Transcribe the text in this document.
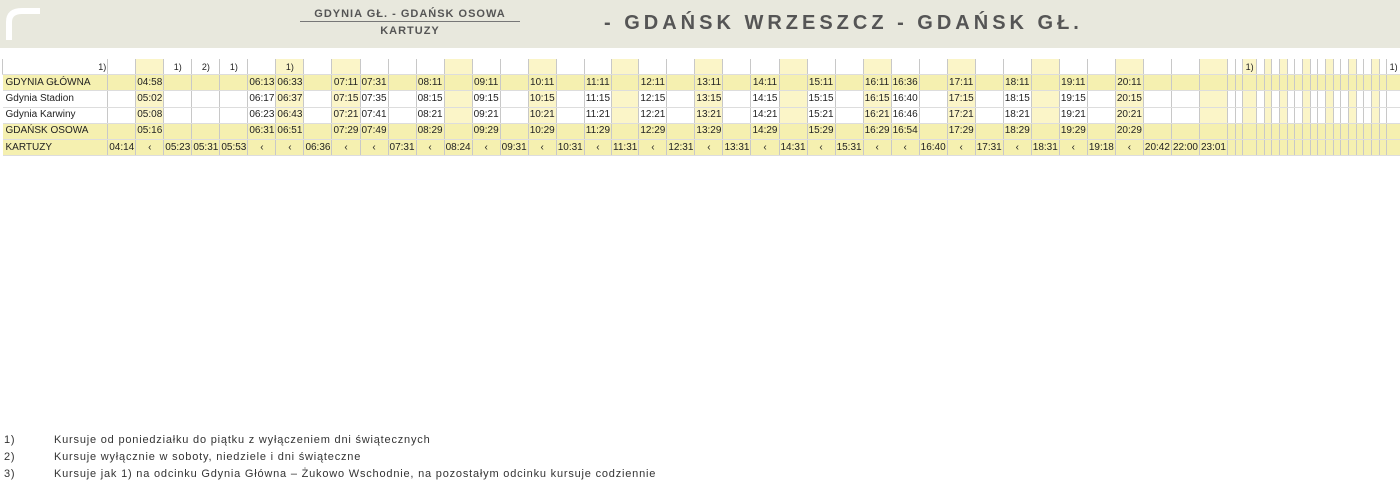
GDYNIA GŁ. - GDAŃSK OSOWA
KARTUZY	- GDAŃSK WRZESZCZ - GDAŃSK GŁ.
1)			1)	2)	1)		1)																																				1)																		1)
GDYNIA GŁÓWNA		04:58				06:13	06:33		07:11	07:31		08:11		09:11		10:11		11:11		12:11		13:11		14:11		15:11		16:11	16:36		17:11		18:11		19:11		20:11																								
Gdynia Stadion		05:02				06:17	06:37		07:15	07:35		08:15		09:15		10:15		11:15		12:15		13:15		14:15		15:15		16:15	16:40		17:15		18:15		19:15		20:15																								
Gdynia Karwiny		05:08				06:23	06:43		07:21	07:41		08:21		09:21		10:21		11:21		12:21		13:21		14:21		15:21		16:21	16:46		17:21		18:21		19:21		20:21																								
GDAŃSK OSOWA		05:16				06:31	06:51		07:29	07:49		08:29		09:29		10:29		11:29		12:29		13:29		14:29		15:29		16:29	16:54		17:29		18:29		19:29		20:29																								
KARTUZY	04:14	‹	05:23	05:31	05:53	‹	‹	06:36	‹	‹	07:31	‹	08:24	‹	09:31	‹	10:31	‹	11:31	‹	12:31	‹	13:31	‹	14:31	‹	15:31	‹	‹	16:40	‹	17:31	‹	18:31	‹	19:18	‹	20:42	22:00	23:01																					
1)	Kursuje od poniedziałku do piątku z wyłączeniem dni świątecznych
2)	Kursuje wyłącznie w soboty, niedziele i dni świąteczne
3)	Kursuje jak 1) na odcinku Gdynia Główna – Żukowo Wschodnie, na pozostałym odcinku kursuje codziennie
